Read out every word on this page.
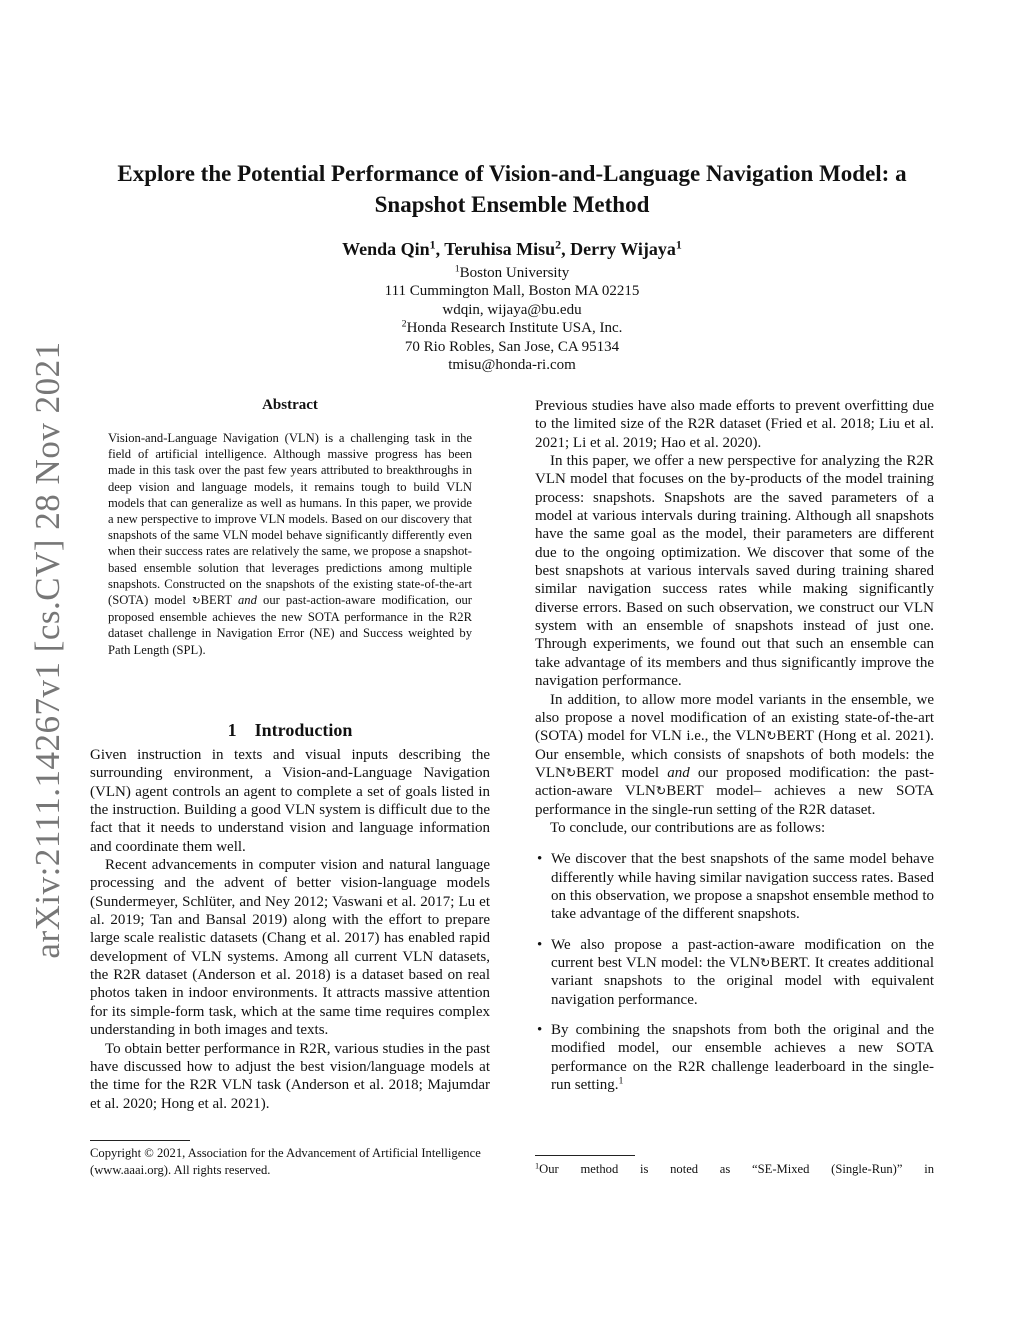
arXiv:2111.14267v1 [cs.CV] 28 Nov 2021
Explore the Potential Performance of Vision-and-Language Navigation Model: a Snapshot Ensemble Method
Wenda Qin$^1$, Teruhisa Misu$^2$, Derry Wijaya$^1$
$^1$Boston University
111 Cummington Mall, Boston MA 02215
wdqin, wijaya@bu.edu
$^2$Honda Research Institute USA, Inc.
70 Rio Robles, San Jose, CA 95134
tmisu@honda-ri.com
Abstract
Vision-and-Language Navigation (VLN) is a challenging task in the field of artificial intelligence. Although massive progress has been made in this task over the past few years attributed to breakthroughs in deep vision and language models, it remains tough to build VLN models that can generalize as well as humans. In this paper, we provide a new perspective to improve VLN models. Based on our discovery that snapshots of the same VLN model behave significantly differently even when their success rates are relatively the same, we propose a snapshot-based ensemble solution that leverages predictions among multiple snapshots. Constructed on the snapshots of the existing state-of-the-art (SOTA) model ↻BERT and our past-action-aware modification, our proposed ensemble achieves the new SOTA performance in the R2R dataset challenge in Navigation Error (NE) and Success weighted by Path Length (SPL).
1 Introduction

Given instruction in texts and visual inputs describing the surrounding environment, a Vision-and-Language Navigation (VLN) agent controls an agent to complete a set of goals listed in the instruction. Building a good VLN system is difficult due to the fact that it needs to understand vision and language information and coordinate them well.

Recent advancements in computer vision and natural language processing and the advent of better vision-language models (Sundermeyer, Schlüter, and Ney 2012; Vaswani et al. 2017; Lu et al. 2019; Tan and Bansal 2019) along with the effort to prepare large scale realistic datasets (Chang et al. 2017) has enabled rapid development of VLN systems. Among all current VLN datasets, the R2R dataset (Anderson et al. 2018) is a dataset based on real photos taken in indoor environments. It attracts massive attention for its simple-form task, which at the same time requires complex understanding in both images and texts.

To obtain better performance in R2R, various studies in the past have discussed how to adjust the best vision/language models at the time for the R2R VLN task (Anderson et al. 2018; Majumdar et al. 2020; Hong et al. 2021).

Previous studies have also made efforts to prevent overfitting due to the limited size of the R2R dataset (Fried et al. 2018; Liu et al. 2021; Li et al. 2019; Hao et al. 2020).

In this paper, we offer a new perspective for analyzing the R2R VLN model that focuses on the by-products of the model training process: snapshots. Snapshots are the saved parameters of a model at various intervals during training. Although all snapshots have the same goal as the model, their parameters are different due to the ongoing optimization. We discover that some of the best snapshots at various intervals saved during training shared similar navigation success rates while making significantly diverse errors. Based on such observation, we construct our VLN system with an ensemble of snapshots instead of just one. Through experiments, we found out that such an ensemble can take advantage of its members and thus significantly improve the navigation performance.

In addition, to allow more model variants in the ensemble, we also propose a novel modification of an existing state-of-the-art (SOTA) model for VLN i.e., the VLN↻BERT (Hong et al. 2021). Our ensemble, which consists of snapshots of both models: the VLN↻BERT model and our proposed modification: the past-action-aware VLN↻BERT model– achieves a new SOTA performance in the single-run setting of the R2R dataset.

To conclude, our contributions are as follows:

• We discover that the best snapshots of the same model behave differently while having similar navigation success rates. Based on this observation, we propose a snapshot ensemble method to take advantage of the different snapshots.
• We also propose a past-action-aware modification on the current best VLN model: the VLN↻BERT. It creates additional variant snapshots to the original model with equivalent navigation performance.
• By combining the snapshots from both the original and the modified model, our ensemble achieves a new SOTA performance on the R2R challenge leaderboard in the single-run setting.$^1$
Copyright © 2021, Association for the Advancement of Artificial Intelligence (www.aaai.org). All rights reserved.	$^1$Our method is noted as “SE-Mixed (Single-Run)” in
